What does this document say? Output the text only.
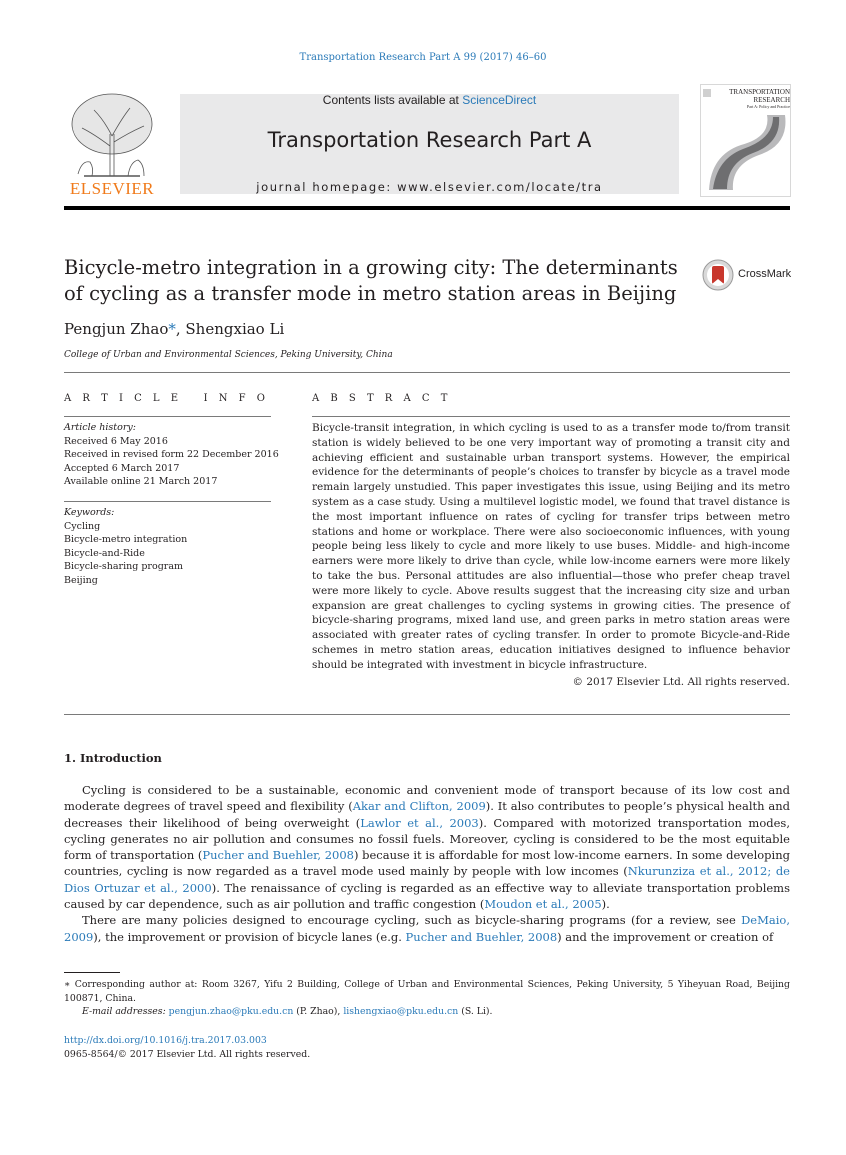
Transportation Research Part A 99 (2017) 46–60
ELSEVIER
Contents lists available at ScienceDirect
Transportation Research Part A
journal homepage: www.elsevier.com/locate/tra
TRANSPORTATION
RESEARCH
Part A: Policy and Practice
Bicycle-metro integration in a growing city: The determinants of cycling as a transfer mode in metro station areas in Beijing
CrossMark
Pengjun Zhao*, Shengxiao Li
College of Urban and Environmental Sciences, Peking University, China
A R T I C L E   I N F O
Article history:
Received 6 May 2016
Received in revised form 22 December 2016
Accepted 6 March 2017
Available online 21 March 2017
Keywords:
Cycling
Bicycle-metro integration
Bicycle-and-Ride
Bicycle-sharing program
Beijing
A B S T R A C T
Bicycle-transit integration, in which cycling is used to as a transfer mode to/from transit station is widely believed to be one very important way of promoting a transit city and achieving efficient and sustainable urban transport systems. However, the empirical evidence for the determinants of people’s choices to transfer by bicycle as a travel mode remain largely unstudied. This paper investigates this issue, using Beijing and its metro system as a case study. Using a multilevel logistic model, we found that travel distance is the most important influence on rates of cycling for transfer trips between metro stations and home or workplace. There were also socioeconomic influences, with young people being less likely to cycle and more likely to use buses. Middle- and high-income earners were more likely to drive than cycle, while low-income earners were more likely to take the bus. Personal attitudes are also influential—those who prefer cheap travel were more likely to cycle. Above results suggest that the increasing city size and urban expansion are great challenges to cycling systems in growing cities. The presence of bicycle-sharing programs, mixed land use, and green parks in metro station areas were associated with greater rates of cycling transfer. In order to promote Bicycle-and-Ride schemes in metro station areas, education initiatives designed to influence behavior should be integrated with investment in bicycle infrastructure.
© 2017 Elsevier Ltd. All rights reserved.
1. Introduction

Cycling is considered to be a sustainable, economic and convenient mode of transport because of its low cost and moderate degrees of travel speed and flexibility (Akar and Clifton, 2009). It also contributes to people’s physical health and decreases their likelihood of being overweight (Lawlor et al., 2003). Compared with motorized transportation modes, cycling generates no air pollution and consumes no fossil fuels. Moreover, cycling is considered to be the most equitable form of transportation (Pucher and Buehler, 2008) because it is affordable for most low-income earners. In some developing countries, cycling is now regarded as a travel mode used mainly by people with low incomes (Nkurunziza et al., 2012; de Dios Ortuzar et al., 2000). The renaissance of cycling is regarded as an effective way to alleviate transportation problems caused by car dependence, such as air pollution and traffic congestion (Moudon et al., 2005).

There are many policies designed to encourage cycling, such as bicycle-sharing programs (for a review, see DeMaio, 2009), the improvement or provision of bicycle lanes (e.g. Pucher and Buehler, 2008) and the improvement or creation of

∗ Corresponding author at: Room 3267, Yifu 2 Building, College of Urban and Environmental Sciences, Peking University, 5 Yiheyuan Road, Beijing 100871, China.
E-mail addresses: pengjun.zhao@pku.edu.cn (P. Zhao), lishengxiao@pku.edu.cn (S. Li).
http://dx.doi.org/10.1016/j.tra.2017.03.003
0965-8564/© 2017 Elsevier Ltd. All rights reserved.
